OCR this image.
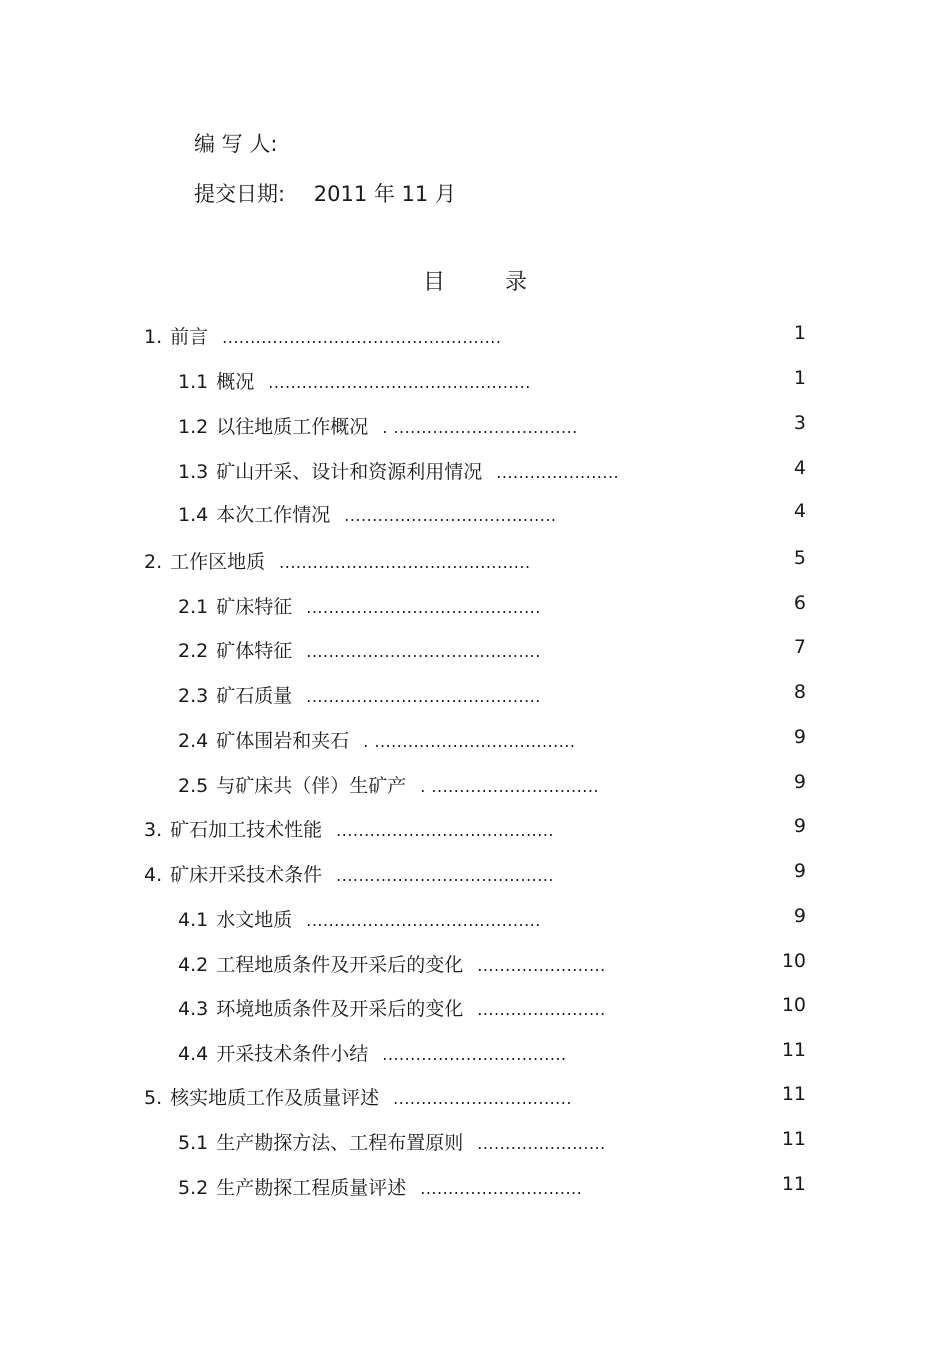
编 写 人:
提交日期: 2011 年 11 月
目录
1. 前言 ..................................................	1
1.1 概况 ...............................................	1
1.2 以往地质工作概况 . .................................	3
1.3 矿山开采、设计和资源利用情况 ......................	4
1.4 本次工作情况 ......................................	4
2. 工作区地质 .............................................	5
2.1 矿床特征 ..........................................	6
2.2 矿体特征 ..........................................	7
2.3 矿石质量 ..........................................	8
2.4 矿体围岩和夹石 . ....................................	9
2.5 与矿床共（伴）生矿产 . ..............................	9
3. 矿石加工技术性能 .......................................	9
4. 矿床开采技术条件 .......................................	9
4.1 水文地质 ..........................................	9
4.2 工程地质条件及开采后的变化 .......................	10
4.3 环境地质条件及开采后的变化 .......................	10
4.4 开采技术条件小结 .................................	11
5. 核实地质工作及质量评述 ................................	11
5.1 生产勘探方法、工程布置原则 .......................	11
5.2 生产勘探工程质量评述 .............................	11
